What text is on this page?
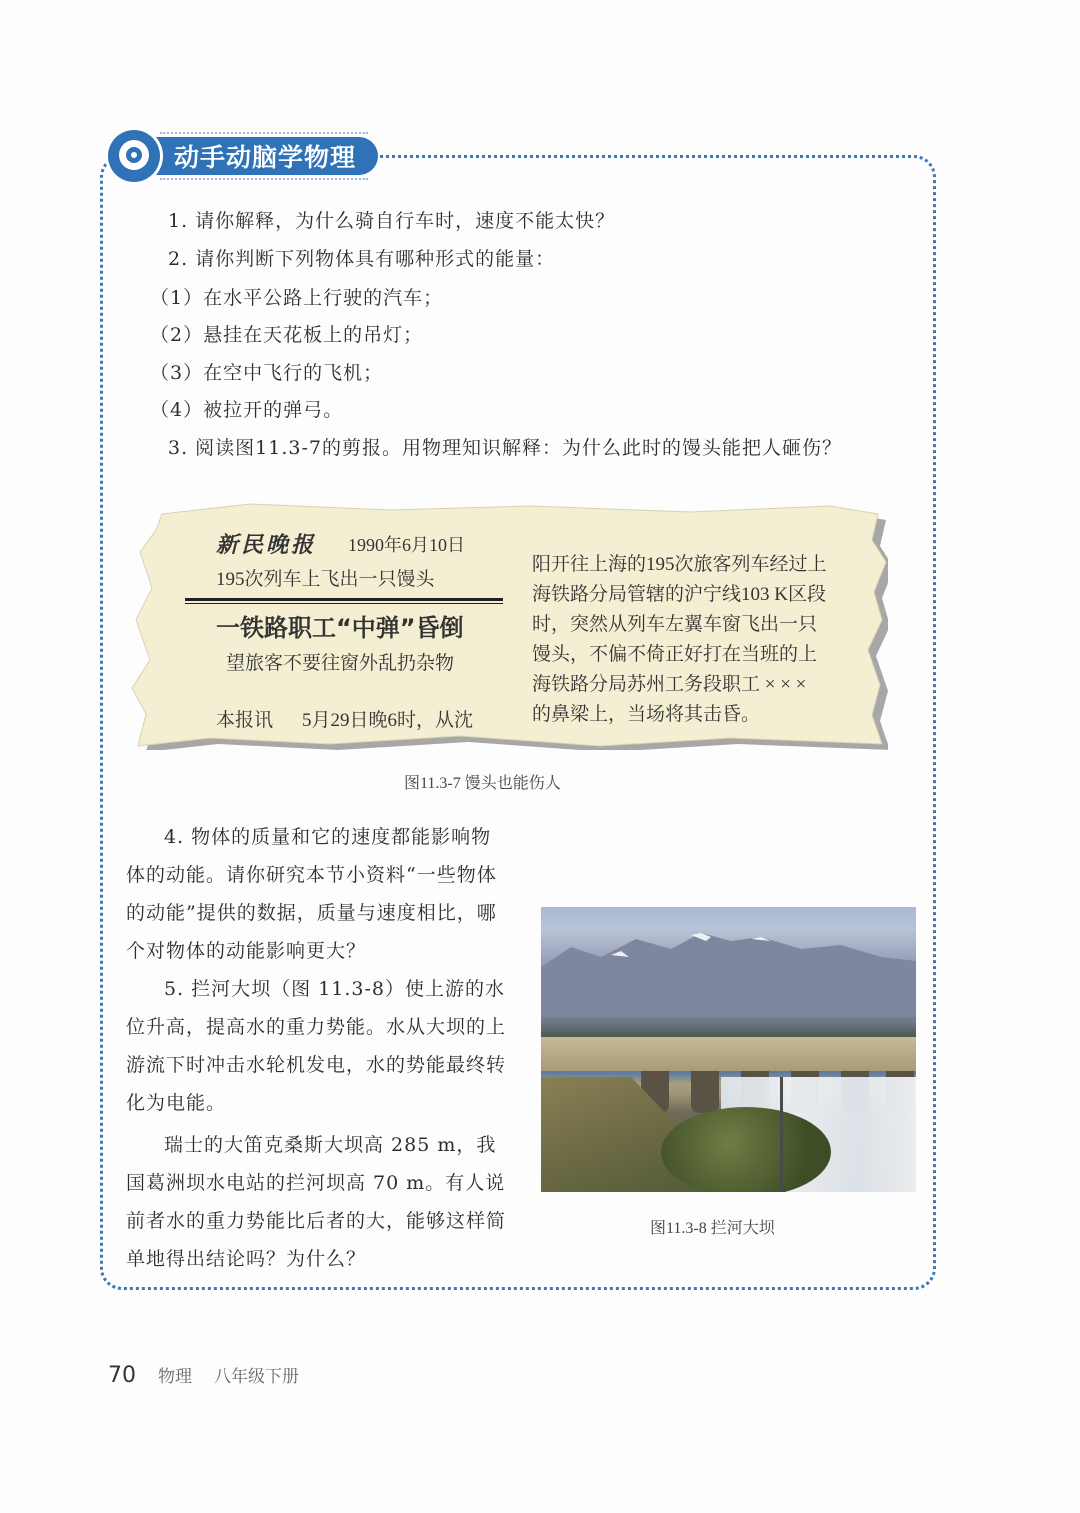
动手动脑学物理
1. 请你解释，为什么骑自行车时，速度不能太快？
2. 请你判断下列物体具有哪种形式的能量：
（1）在水平公路上行驶的汽车；
（2）悬挂在天花板上的吊灯；
（3）在空中飞行的飞机；
（4）被拉开的弹弓。
3. 阅读图11.3-7的剪报。用物理知识解释：为什么此时的馒头能把人砸伤？
新民晚报 1990年6月10日
195次列车上飞出一只馒头
一铁路职工“中弹”昏倒
望旅客不要往窗外乱扔杂物
本报讯 5月29日晚6时，从沈
阳开往上海的195次旅客列车经过上
海铁路分局管辖的沪宁线103 K区段
时，突然从列车左翼车窗飞出一只
馒头，不偏不倚正好打在当班的上
海铁路分局苏州工务段职工 × × ×
的鼻梁上，当场将其击昏。
图11.3-7 馒头也能伤人

4. 物体的质量和它的速度都能影响物体的动能。请你研究本节小资料“一些物体的动能”提供的数据，质量与速度相比，哪个对物体的动能影响更大？

5. 拦河大坝（图 11.3-8）使上游的水位升高，提高水的重力势能。水从大坝的上游流下时冲击水轮机发电，水的势能最终转化为电能。

瑞士的大笛克桑斯大坝高 285 m，我国葛洲坝水电站的拦河坝高 70 m。有人说前者水的重力势能比后者的大，能够这样简单地得出结论吗？为什么？

图11.3-8 拦河大坝
70 物理 八年级下册
